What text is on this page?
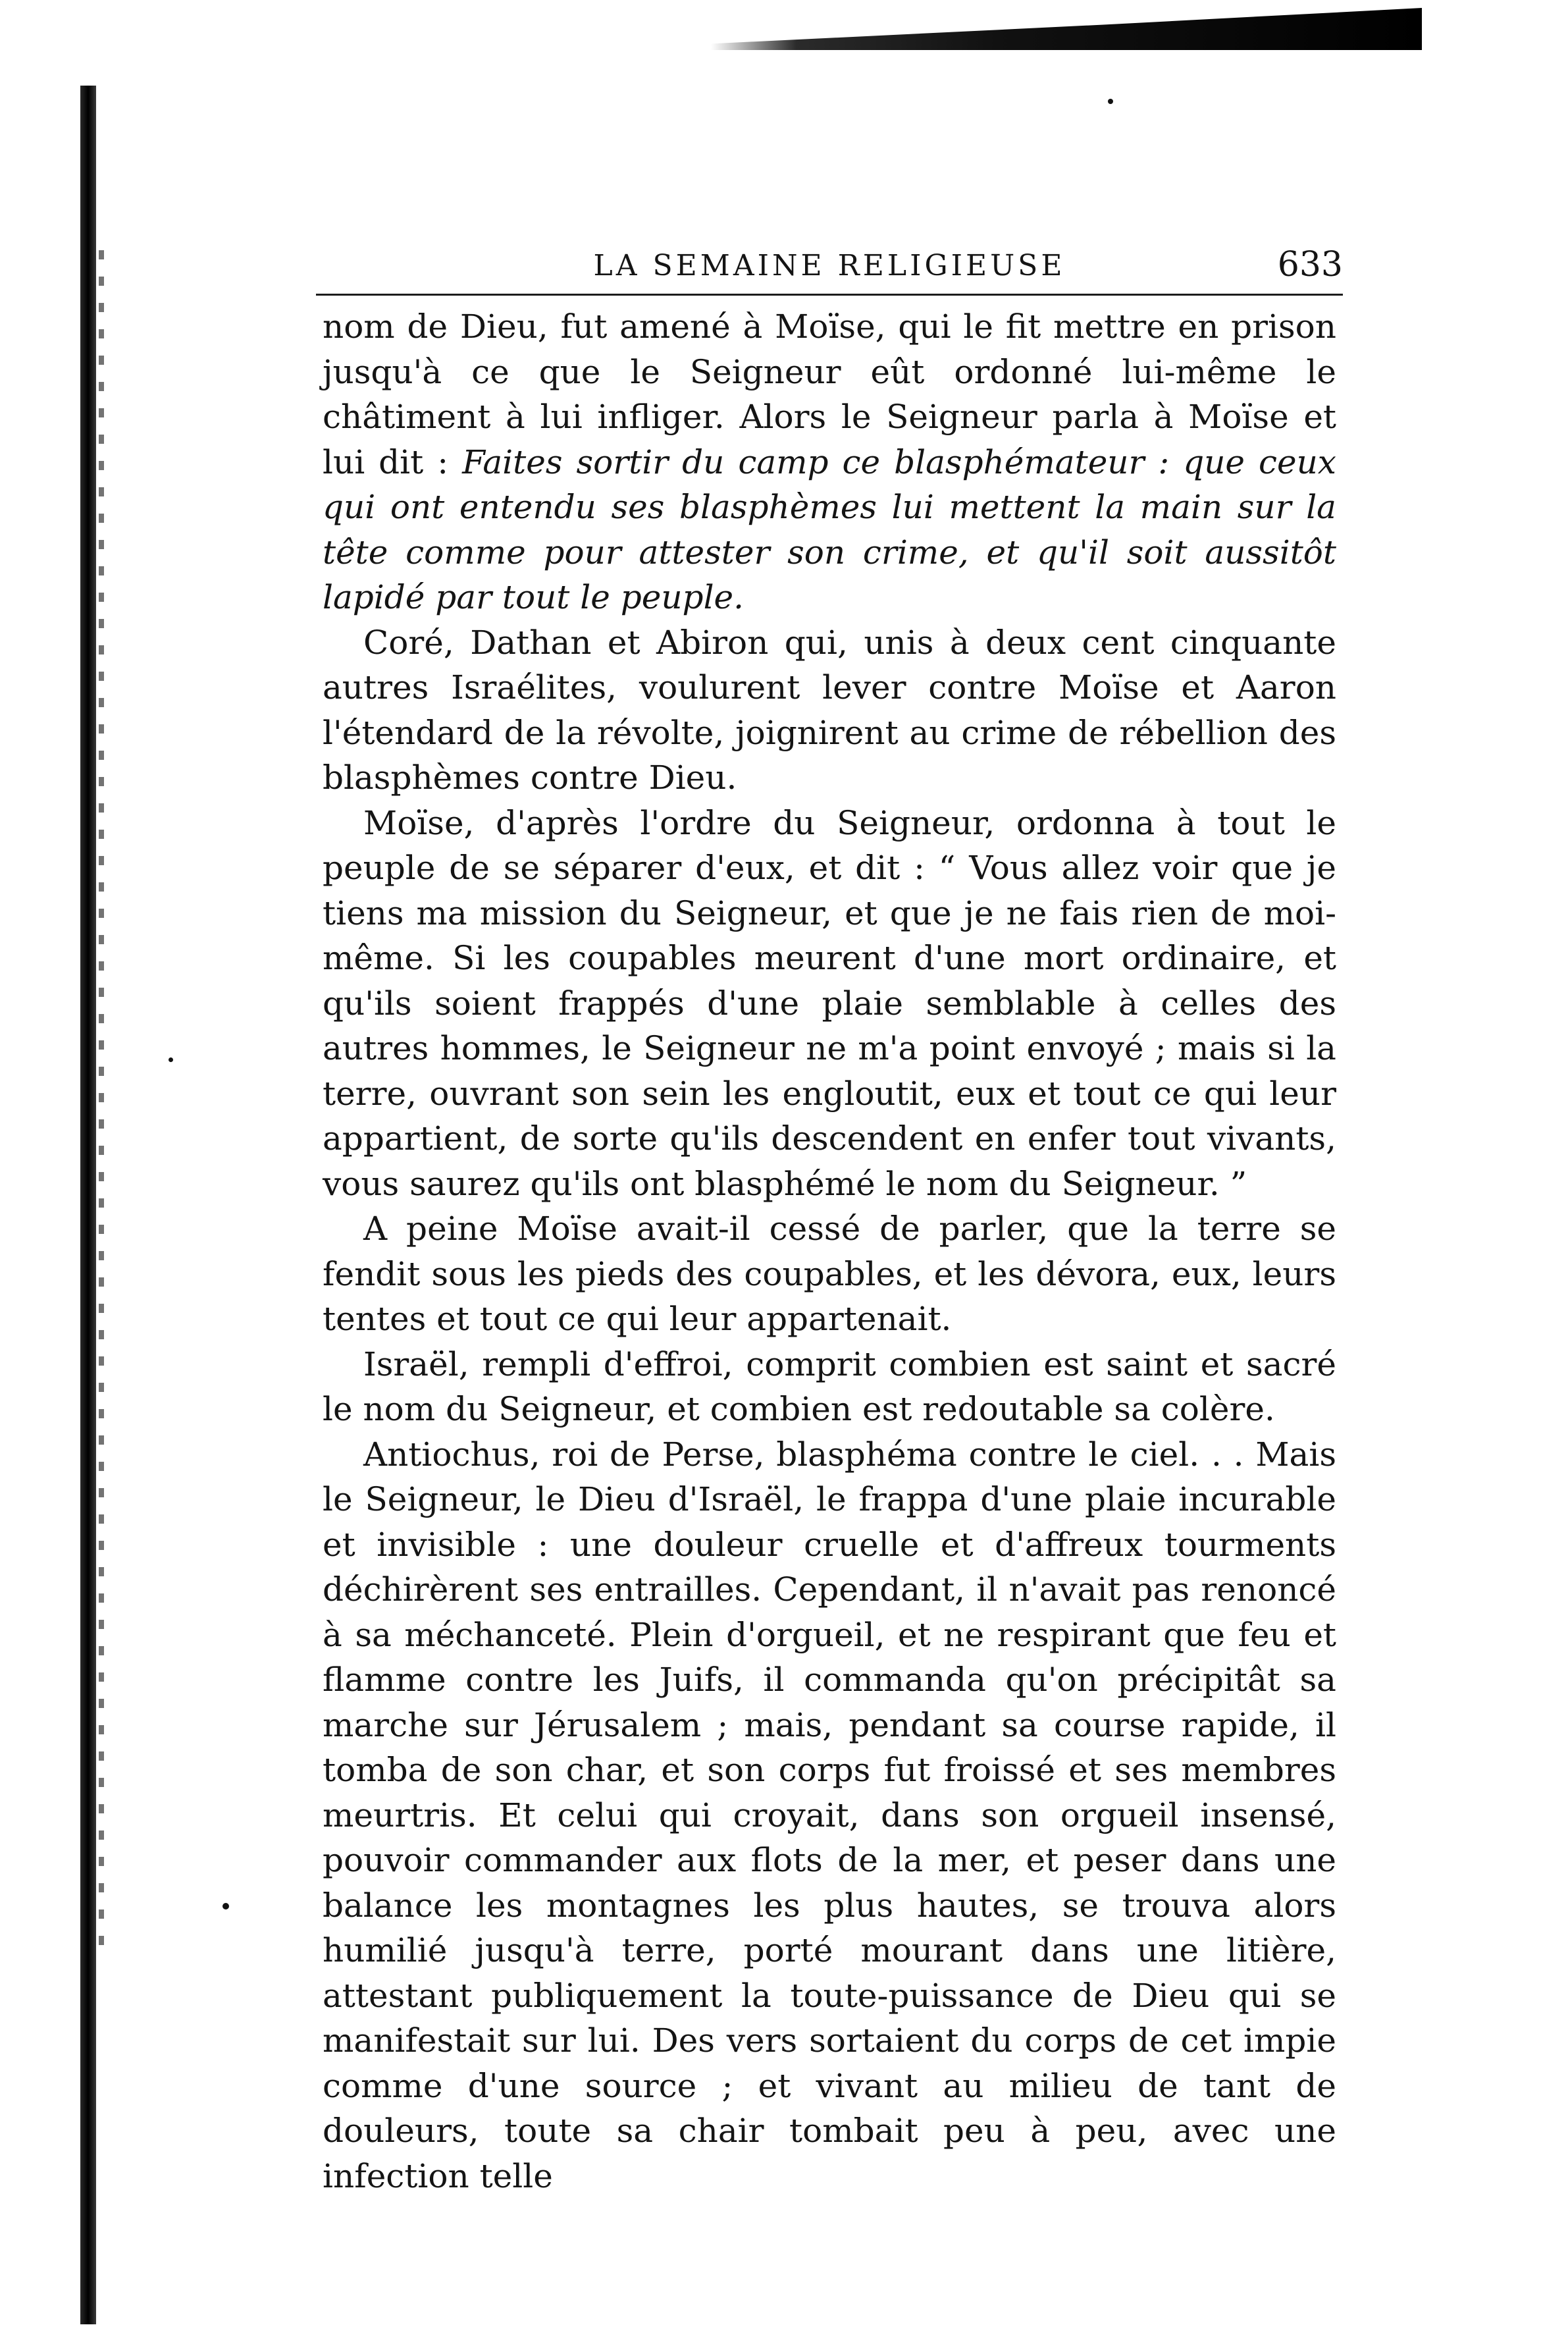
LA SEMAINE RELIGIEUSE	633

nom de Dieu, fut amené à Moïse, qui le fit mettre en prison jusqu'à ce que le Seigneur eût ordonné lui-même le châtiment à lui infliger. Alors le Seigneur parla à Moïse et lui dit : Faites sortir du camp ce blasphémateur : que ceux qui ont entendu ses blasphèmes lui mettent la main sur la tête comme pour attester son crime, et qu'il soit aussitôt lapidé par tout le peuple.

Coré, Dathan et Abiron qui, unis à deux cent cinquante autres Israélites, voulurent lever contre Moïse et Aaron l'étendard de la révolte, joignirent au crime de rébellion des blasphèmes contre Dieu.

Moïse, d'après l'ordre du Seigneur, ordonna à tout le peuple de se séparer d'eux, et dit : “ Vous allez voir que je tiens ma mission du Seigneur, et que je ne fais rien de moi-même. Si les coupables meurent d'une mort ordinaire, et qu'ils soient frappés d'une plaie semblable à celles des autres hommes, le Seigneur ne m'a point envoyé ; mais si la terre, ouvrant son sein les engloutit, eux et tout ce qui leur appartient, de sorte qu'ils descendent en enfer tout vivants, vous saurez qu'ils ont blasphémé le nom du Seigneur. ”

A peine Moïse avait-il cessé de parler, que la terre se fendit sous les pieds des coupables, et les dévora, eux, leurs tentes et tout ce qui leur appartenait.

Israël, rempli d'effroi, comprit combien est saint et sacré le nom du Seigneur, et combien est redoutable sa colère.

Antiochus, roi de Perse, blasphéma contre le ciel. . . Mais le Seigneur, le Dieu d'Israël, le frappa d'une plaie incurable et invisible : une douleur cruelle et d'affreux tourments déchirèrent ses entrailles. Cependant, il n'avait pas renoncé à sa méchanceté. Plein d'orgueil, et ne respirant que feu et flamme contre les Juifs, il commanda qu'on précipitât sa marche sur Jérusalem ; mais, pendant sa course rapide, il tomba de son char, et son corps fut froissé et ses membres meurtris. Et celui qui croyait, dans son orgueil insensé, pouvoir commander aux flots de la mer, et peser dans une balance les montagnes les plus hautes, se trouva alors humilié jusqu'à terre, porté mourant dans une litière, attestant publiquement la toute-puissance de Dieu qui se manifestait sur lui. Des vers sortaient du corps de cet impie comme d'une source ; et vivant au milieu de tant de douleurs, toute sa chair tombait peu à peu, avec une infection telle
